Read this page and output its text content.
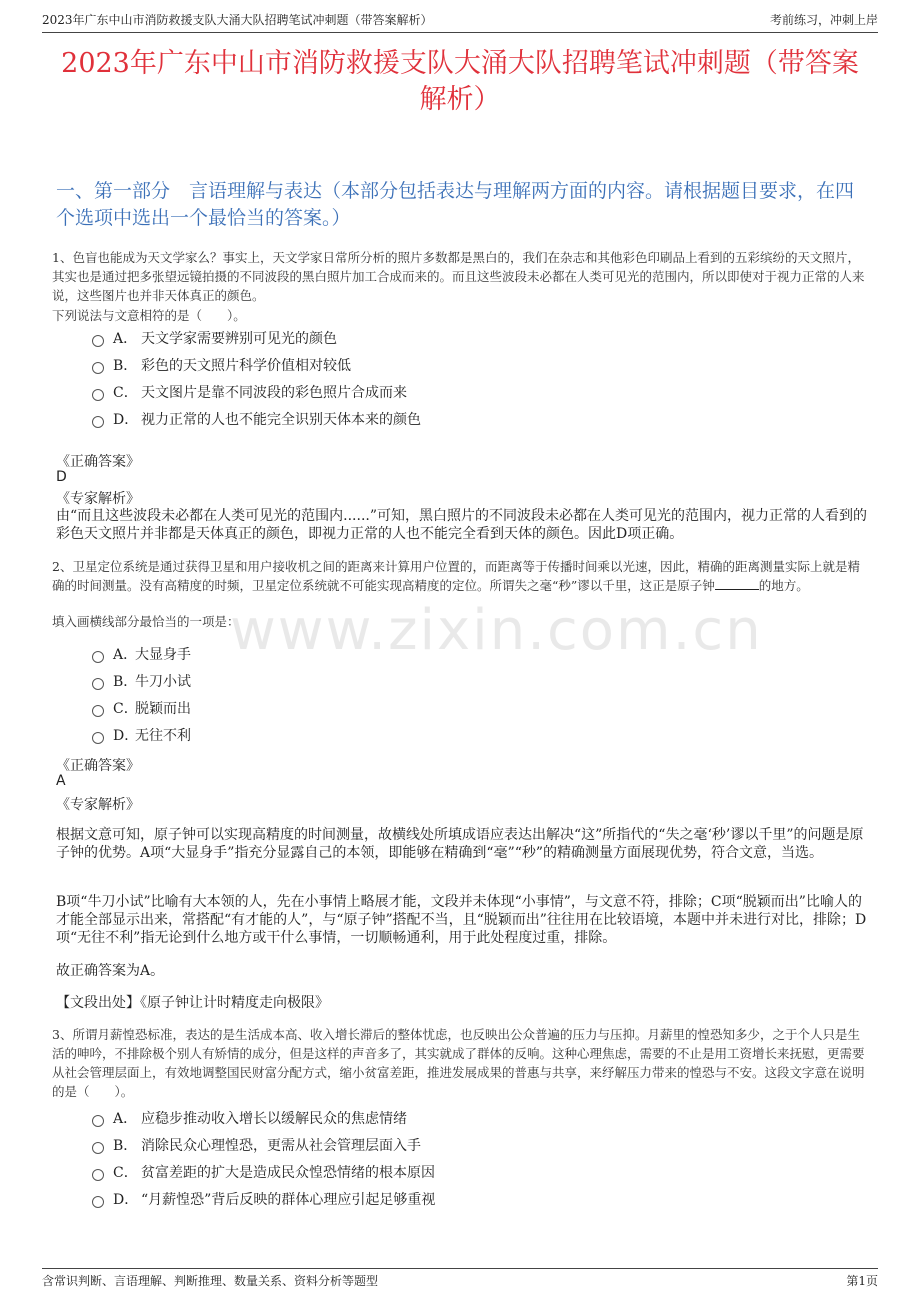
2023年广东中山市消防救援支队大涌大队招聘笔试冲刺题（带答案解析）	考前练习，冲刺上岸
2023年广东中山市消防救援支队大涌大队招聘笔试冲刺题（带答案解析）
一、第一部分　言语理解与表达（本部分包括表达与理解两方面的内容。请根据题目要求，在四个选项中选出一个最恰当的答案。）
1、色盲也能成为天文学家么？事实上，天文学家日常所分析的照片多数都是黑白的，我们在杂志和其他彩色印刷品上看到的五彩缤纷的天文照片，其实也是通过把多张望远镜拍摄的不同波段的黑白照片加工合成而来的。而且这些波段未必都在人类可见光的范围内，所以即使对于视力正常的人来说，这些图片也并非天体真正的颜色。
下列说法与文意相符的是（　　）。
A． 天文学家需要辨别可见光的颜色
B． 彩色的天文照片科学价值相对较低
C． 天文图片是靠不同波段的彩色照片合成而来
D． 视力正常的人也不能完全识别天体本来的颜色
《正确答案》
D
《专家解析》
由“而且这些波段未必都在人类可见光的范围内......”可知，黑白照片的不同波段未必都在人类可见光的范围内，视力正常的人看到的彩色天文照片并非都是天体真正的颜色，即视力正常的人也不能完全看到天体的颜色。因此D项正确。
2、卫星定位系统是通过获得卫星和用户接收机之间的距离来计算用户位置的，而距离等于传播时间乘以光速，因此，精确的距离测量实际上就是精确的时间测量。没有高精度的时频，卫星定位系统就不可能实现高精度的定位。所谓失之毫“秒”谬以千里，这正是原子钟	的地方。
填入画横线部分最恰当的一项是：
A．
大显身手
B．
牛刀小试
C．
脱颖而出
D．
无往不利
《正确答案》
A
《专家解析》
根据文意可知，原子钟可以实现高精度的时间测量，故横线处所填成语应表达出解决“这”所指代的“失之毫‘秒’谬以千里”的问题是原子钟的优势。A项“大显身手”指充分显露自己的本领，即能够在精确到“毫”“秒”的精确测量方面展现优势，符合文意，当选。
B项“牛刀小试”比喻有大本领的人，先在小事情上略展才能，文段并未体现“小事情”，与文意不符，排除；C项“脱颖而出”比喻人的才能全部显示出来，常搭配“有才能的人”，与“原子钟”搭配不当，且“脱颖而出”往往用在比较语境，本题中并未进行对比，排除；D项“无往不利”指无论到什么地方或干什么事情，一切顺畅通利，用于此处程度过重，排除。
故正确答案为A。
【文段出处】《原子钟让计时精度走向极限》
3、所谓月薪惶恐标准，表达的是生活成本高、收入增长滞后的整体忧虑，也反映出公众普遍的压力与压抑。月薪里的惶恐知多少，之于个人只是生活的呻吟，不排除极个别人有矫情的成分，但是这样的声音多了，其实就成了群体的反响。这种心理焦虑，需要的不止是用工资增长来抚慰，更需要从社会管理层面上，有效地调整国民财富分配方式，缩小贫富差距，推进发展成果的普惠与共享，来纾解压力带来的惶恐与不安。这段文字意在说明的是（　　）。
A． 应稳步推动收入增长以缓解民众的焦虑情绪
B． 消除民众心理惶恐，更需从社会管理层面入手
C． 贫富差距的扩大是造成民众惶恐情绪的根本原因
D． “月薪惶恐”背后反映的群体心理应引起足够重视
www.zixin.com.cn
含常识判断、言语理解、判断推理、数量关系、资料分析等题型	第1页
